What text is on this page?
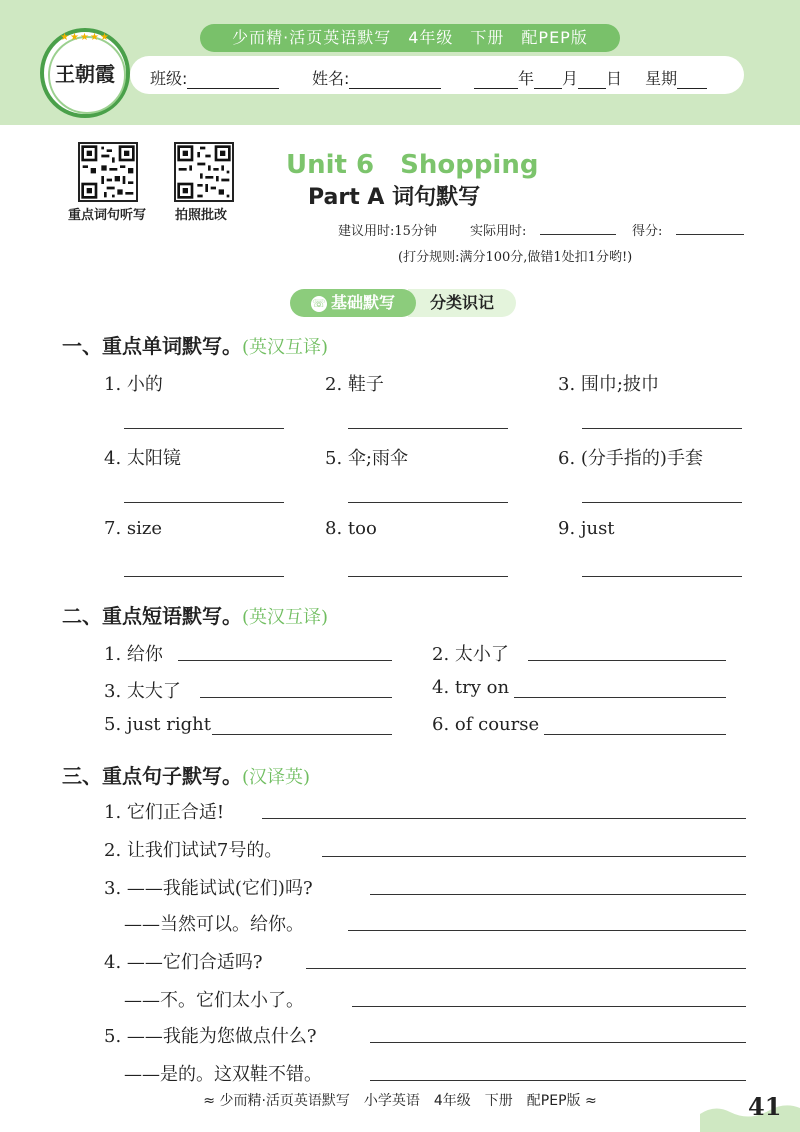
少而精·活页英语默写　4年级　下册　配PEP版
★★★★★
王朝霞	班级:	姓名:	年 月 日 星期
重点词句听写	拍照批改
Unit 6　Shopping
Part A 词句默写
建议用时:15分钟	实际用时:	得分:
(打分规则:满分100分,做错1处扣1分哟!)
分类识记
☏ 基础默写
一、重点单词默写。(英汉互译)
1. 小的	2. 鞋子	3. 围巾;披巾
4. 太阳镜	5. 伞;雨伞	6. (分手指的)手套
7. size	8. too	9. just
二、重点短语默写。(英汉互译)
1. 给你	2. 太小了
3. 太大了	4. try on
5. just right	6. of course
三、重点句子默写。(汉译英)
1. 它们正合适!
2. 让我们试试7号的。
3. ——我能试试(它们)吗?
——当然可以。给你。
4. ——它们合适吗?
——不。它们太小了。
5. ——我能为您做点什么?
——是的。这双鞋不错。
≈ 少而精·活页英语默写　小学英语　4年级　下册　配PEP版 ≈	41
